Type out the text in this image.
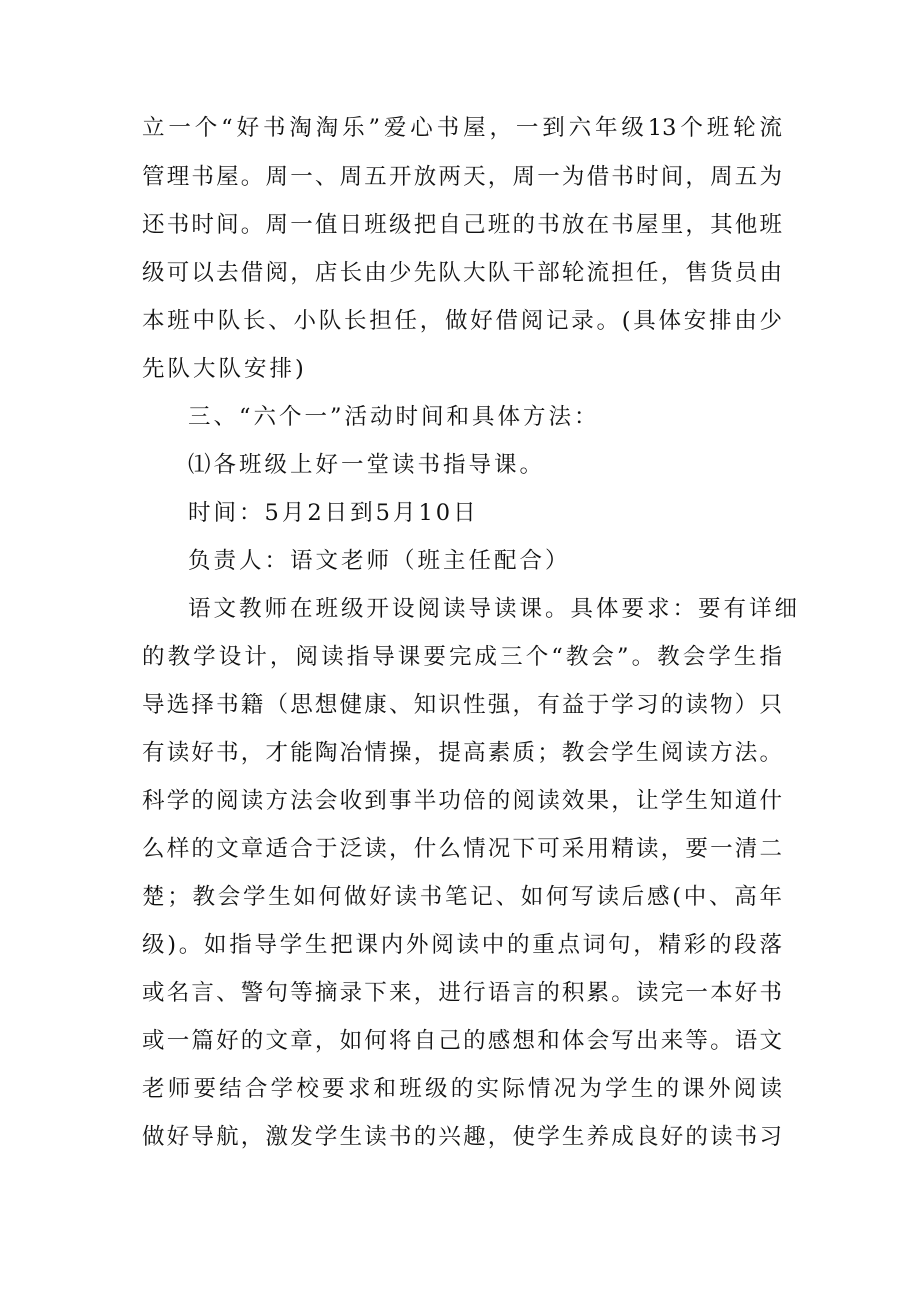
立一个“好书淘淘乐”爱心书屋，一到六年级13个班轮流
管理书屋。周一、周五开放两天，周一为借书时间，周五为
还书时间。周一值日班级把自己班的书放在书屋里，其他班
级可以去借阅，店长由少先队大队干部轮流担任，售货员由
本班中队长、小队长担任，做好借阅记录。(具体安排由少
先队大队安排)
三、“六个一”活动时间和具体方法：
⑴各班级上好一堂读书指导课。
时间：5月2日到5月10日
负责人：语文老师（班主任配合）
语文教师在班级开设阅读导读课。具体要求：要有详细
的教学设计，阅读指导课要完成三个“教会”。教会学生指
导选择书籍（思想健康、知识性强，有益于学习的读物）只
有读好书，才能陶冶情操，提高素质；教会学生阅读方法。
科学的阅读方法会收到事半功倍的阅读效果，让学生知道什
么样的文章适合于泛读，什么情况下可采用精读，要一清二
楚；教会学生如何做好读书笔记、如何写读后感(中、高年
级)。如指导学生把课内外阅读中的重点词句，精彩的段落
或名言、警句等摘录下来，进行语言的积累。读完一本好书
或一篇好的文章，如何将自己的感想和体会写出来等。语文
老师要结合学校要求和班级的实际情况为学生的课外阅读
做好导航，激发学生读书的兴趣，使学生养成良好的读书习
